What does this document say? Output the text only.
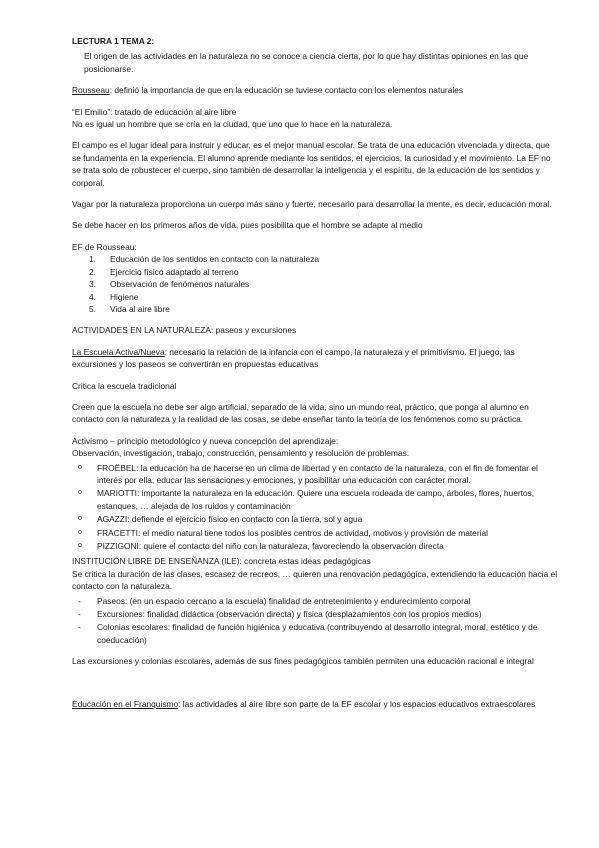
LECTURA 1 TEMA 2:

El origen de las actividades en la naturaleza no se conoce a ciencia cierta, por lo que hay distintas opiniones en las que posicionarse.

Rousseau: definió la importancia de que en la educación se tuviese contacto con los elementos naturales

“El Emilio”: tratado de educación al aire libre

No es igual un hombre que se cría en la ciudad, que uno que lo hace en la naturaleza.

El campo es el lugar ideal para instruir y educar, es el mejor manual escolar. Se trata de una educación vivenciada y directa, que se fundamenta en la experiencia. El alumno aprende mediante los sentidos, el ejercicios, la curiosidad y el movimiento. La EF no se trata solo de robustecer el cuerpo, sino también de desarrollar la inteligencia y el espíritu, de la educación de los sentidos y corporal.

Vagar por la naturaleza proporciona un cuerpo más sano y fuerte, necesario para desarrollar la mente, es decir, educación moral.

Se debe hacer en los primeros años de vida, pues posibilita que el hombre se adapte al medio

EF de Rousseau:

1.	Educación de los sentidos en contacto con la naturaleza
2.	Ejercicio físico adaptado al terreno
3.	Observación de fenómenos naturales
4.	Higiene
5.	Vida al aire libre

ACTIVIDADES EN LA NATURALEZA: paseos y excursiones

La Escuela Activa/Nueva: necesario la relación de la infancia con el campo, la naturaleza y el primitivismo. El juego, las excursiones y los paseos se convertirán en propuestas educativas

Critica la escuela tradicional

Creen que la escuela no debe ser algo artificial, separado de la vida, sino un mundo real, práctico, que ponga al alumno en contacto con la naturaleza y la realidad de las cosas, se debe enseñar tanto la teoría de los fenómenos como su práctica.

Activismo – principio metodológico y nueva concepción del aprendizaje:

Observación, investigación, trabajo, construcción, pensamiento y resolución de problemas.

o	FROËBEL: la educación ha de hacerse en un clima de libertad y en contacto de la naturaleza, con el fin de fomentar el interés por ella, educar las sensaciones y emociones, y posibilitar una educación con carácter moral.
o	MARIOTTI: importante la naturaleza en la educación. Quiere una escuela rodeada de campo, árboles, flores, huertos, estanques, … alejada de los ruidos y contaminación
o	AGAZZI: defiende el ejercicio físico en contacto con la tierra, sol y agua
o	FRACETTI: el medio natural tiene todos los posibles centros de actividad, motivos y provisión de material
o	PIZZIGONI: quiere el contacto del niño con la naturaleza, favoreciendo la observación directa

INSTITUCIÓN LIBRE DE ENSEÑANZA (ILE): concreta estas ideas pedagógicas

Se critica la duración de las clases, escasez de recreos, … quieren una renovación pedagógica, extendiendo la educación hacia el contacto con la naturaleza.

-	Paseos: (en un espacio cercano a la escuela) finalidad de entretenimiento y endurecimiento corporal
-	Excursiones: finalidad didáctica (observación directa) y física (desplazamientos con los propios medios)
-	Colonias escolares: finalidad de función higiénica y educativa (contribuyendo al desarrollo integral, moral, estético y de coeducación)

Las excursiones y colonias escolares, además de sus fines pedagógicos también permiten una educación racional e integral

Educación en el Franquismo: las actividades al aire libre son parte de la EF escolar y los espacios educativos extraescolares
